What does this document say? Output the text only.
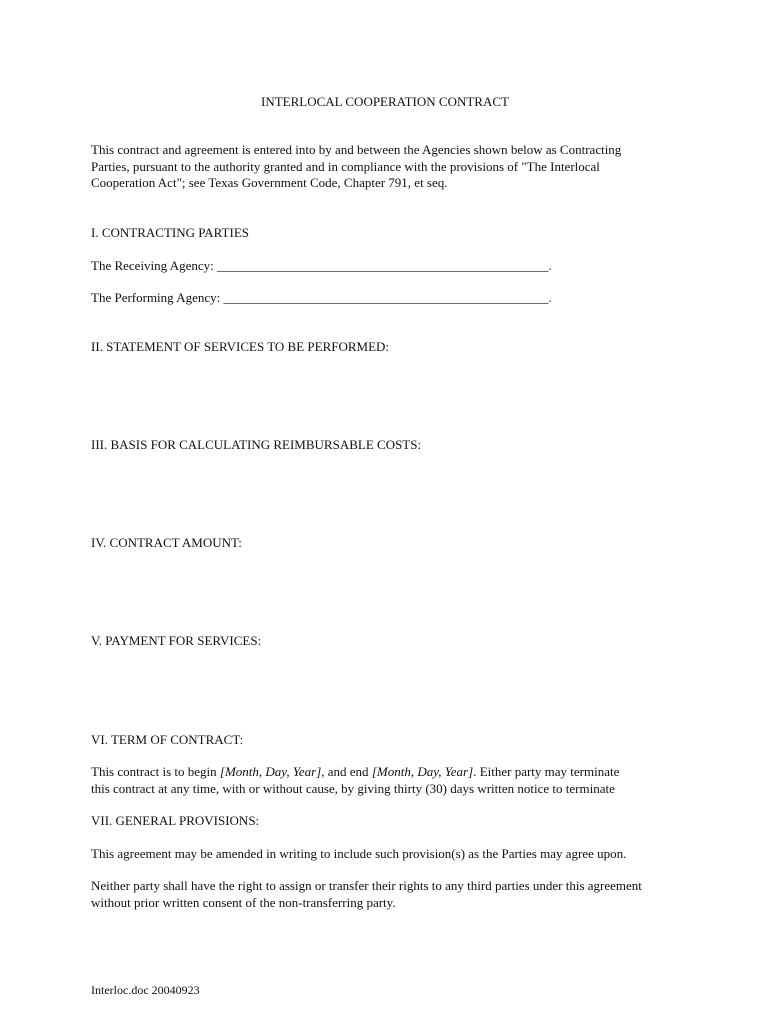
INTERLOCAL COOPERATION CONTRACT
This contract and agreement is entered into by and between the Agencies shown below as Contracting
Parties, pursuant to the authority granted and in compliance with the provisions of "The Interlocal
Cooperation Act"; see Texas Government Code, Chapter 791, et seq.
I. CONTRACTING PARTIES
The Receiving Agency: ___________________________________________________.
The Performing Agency: __________________________________________________.
II. STATEMENT OF SERVICES TO BE PERFORMED:
III. BASIS FOR CALCULATING REIMBURSABLE COSTS:
IV. CONTRACT AMOUNT:
V. PAYMENT FOR SERVICES:
VI. TERM OF CONTRACT:
This contract is to begin [Month, Day, Year], and end [Month, Day, Year]. Either party may terminate
this contract at any time, with or without cause, by giving thirty (30) days written notice to terminate
VII. GENERAL PROVISIONS:
This agreement may be amended in writing to include such provision(s) as the Parties may agree upon.
Neither party shall have the right to assign or transfer their rights to any third parties under this agreement
without prior written consent of the non-transferring party.
Interloc.doc 20040923
